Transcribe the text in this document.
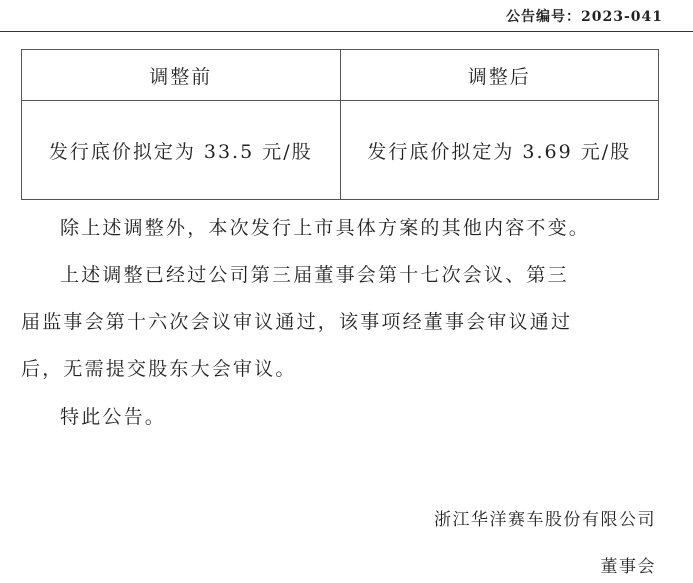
公告编号：2023-041
调整前	调整后
发行底价拟定为 33.5 元/股	发行底价拟定为 3.69 元/股
除上述调整外，本次发行上市具体方案的其他内容不变。
上述调整已经过公司第三届董事会第十七次会议、第三
届监事会第十六次会议审议通过，该事项经董事会审议通过
后，无需提交股东大会审议。
特此公告。
浙江华洋赛车股份有限公司
董事会
